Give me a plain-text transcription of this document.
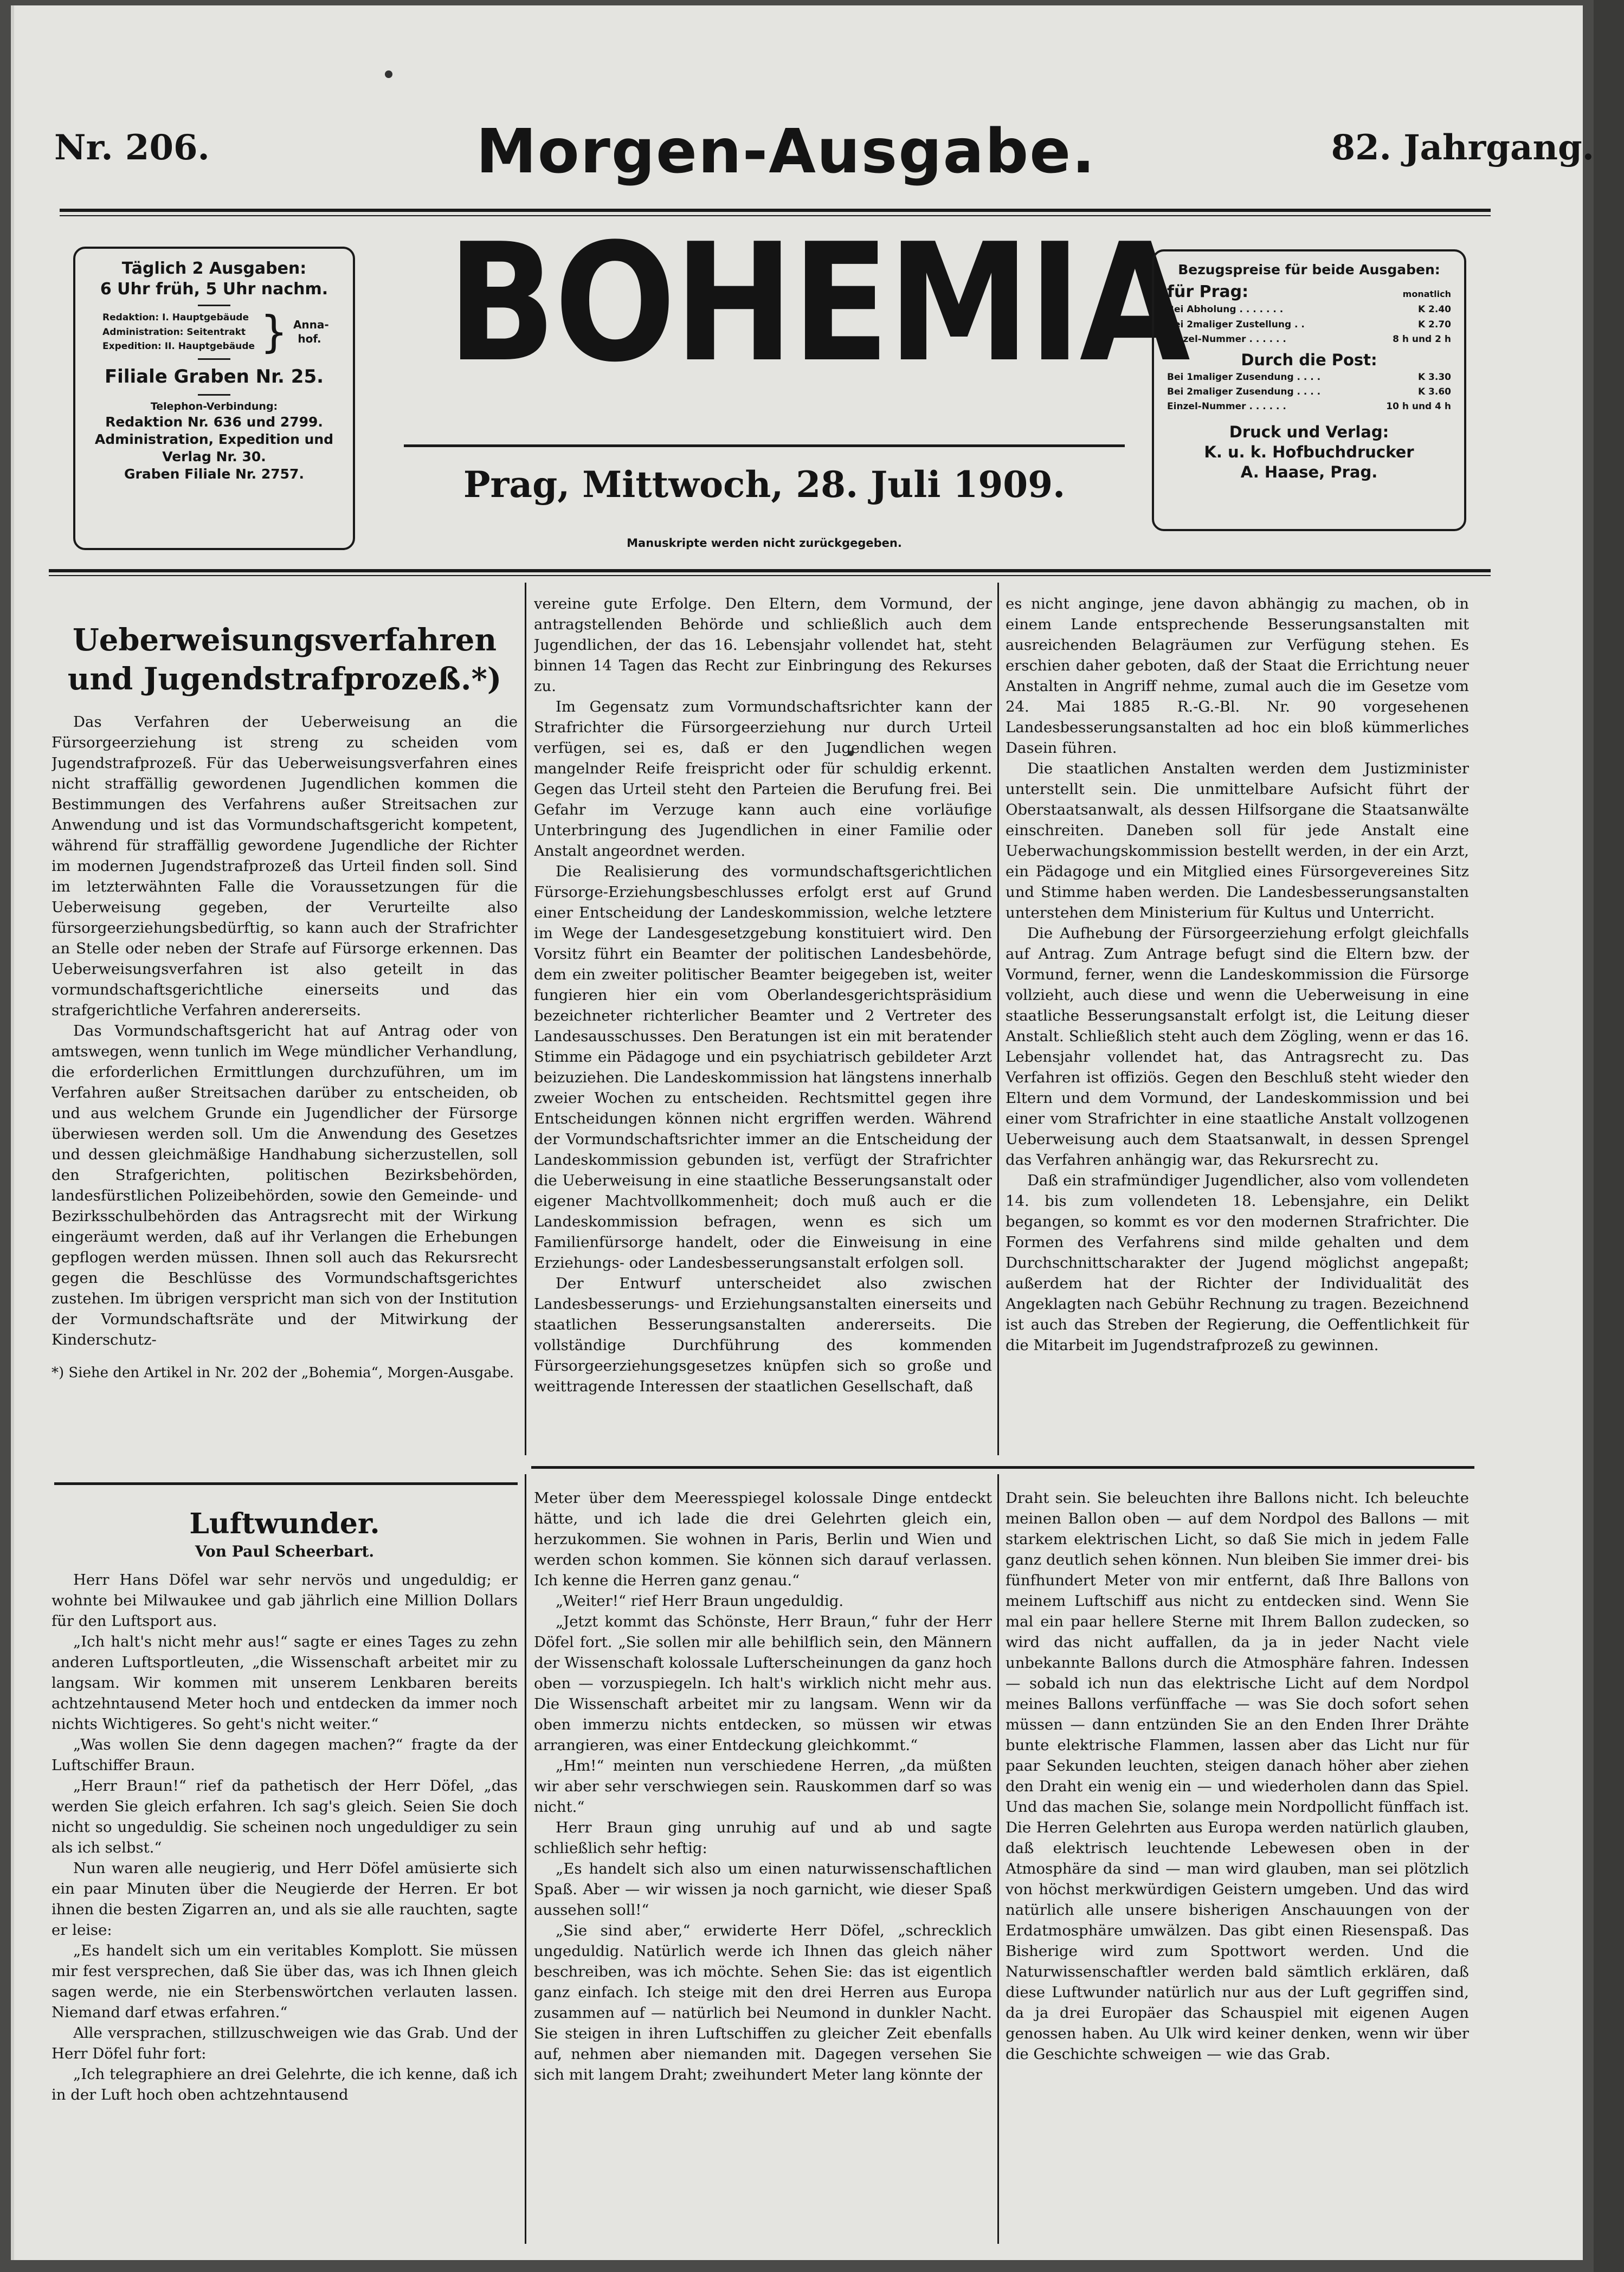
Nr. 206.	Morgen-Ausgabe.	82. Jahrgang.
Täglich 2 Ausgaben:
6 Uhr früh, 5 Uhr nachm.
Redaktion: I. Hauptgebäude
Administration: Seitentrakt
Expedition: II. Hauptgebäude } Anna-hof.
Filiale Graben Nr. 25.
Telephon-Verbindung:
Redaktion Nr. 636 und 2799.
Administration, Expedition und
Verlag Nr. 30.
Graben Filiale Nr. 2757.
BOHEMIA
Prag, Mittwoch, 28. Juli 1909.
Manuskripte werden nicht zurückgegeben.
Bezugspreise für beide Ausgaben:
für Prag:	monatlich
Bei Abholung . . . . . . .	K 2.40
Bei 2maliger Zustellung . .	K 2.70
Einzel-Nummer . . . . . .	8 h und 2 h
Durch die Post:
Bei 1maliger Zusendung . . . .	K 3.30
Bei 2maliger Zusendung . . . .	K 3.60
Einzel-Nummer . . . . . .	10 h und 4 h
Druck und Verlag:
K. u. k. Hofbuchdrucker
A. Haase, Prag.
Ueberweisungsverfahren
und Jugendstrafprozeß.*)

Das Verfahren der Ueberweisung an die Fürsorgeerziehung ist streng zu scheiden vom Jugendstrafprozeß. Für das Ueberweisungsverfahren eines nicht straffällig gewordenen Jugendlichen kommen die Bestimmungen des Verfahrens außer Streitsachen zur Anwendung und ist das Vormundschaftsgericht kompetent, während für straffällig gewordene Jugendliche der Richter im modernen Jugendstrafprozeß das Urteil finden soll. Sind im letzterwähnten Falle die Voraussetzungen für die Ueberweisung gegeben, der Verurteilte also fürsorgeerziehungsbedürftig, so kann auch der Strafrichter an Stelle oder neben der Strafe auf Fürsorge erkennen. Das Ueberweisungsverfahren ist also geteilt in das vormundschaftsgerichtliche einerseits und das strafgerichtliche Verfahren andererseits.

Das Vormundschaftsgericht hat auf Antrag oder von amtswegen, wenn tunlich im Wege mündlicher Verhandlung, die erforderlichen Ermittlungen durchzuführen, um im Verfahren außer Streitsachen darüber zu entscheiden, ob und aus welchem Grunde ein Jugendlicher der Fürsorge überwiesen werden soll. Um die Anwendung des Gesetzes und dessen gleichmäßige Handhabung sicherzustellen, soll den Strafgerichten, politischen Bezirksbehörden, landesfürstlichen Polizeibehörden, sowie den Gemeinde- und Bezirksschulbehörden das Antragsrecht mit der Wirkung eingeräumt werden, daß auf ihr Verlangen die Erhebungen gepflogen werden müssen. Ihnen soll auch das Rekursrecht gegen die Beschlüsse des Vormundschaftsgerichtes zustehen. Im übrigen verspricht man sich von der Institution der Vormundschaftsräte und der Mitwirkung der Kinderschutz-

*) Siehe den Artikel in Nr. 202 der „Bohemia“, Morgen-Ausgabe.

vereine gute Erfolge. Den Eltern, dem Vormund, der antragstellenden Behörde und schließlich auch dem Jugendlichen, der das 16. Lebensjahr vollendet hat, steht binnen 14 Tagen das Recht zur Einbringung des Rekurses zu.

Im Gegensatz zum Vormundschaftsrichter kann der Strafrichter die Fürsorgeerziehung nur durch Urteil verfügen, sei es, daß er den Jugendlichen wegen mangelnder Reife freispricht oder für schuldig erkennt. Gegen das Urteil steht den Parteien die Berufung frei. Bei Gefahr im Verzuge kann auch eine vorläufige Unterbringung des Jugendlichen in einer Familie oder Anstalt angeordnet werden.

Die Realisierung des vormundschaftsgerichtlichen Fürsorge-Erziehungsbeschlusses erfolgt erst auf Grund einer Entscheidung der Landeskommission, welche letztere im Wege der Landesgesetzgebung konstituiert wird. Den Vorsitz führt ein Beamter der politischen Landesbehörde, dem ein zweiter politischer Beamter beigegeben ist, weiter fungieren hier ein vom Oberlandesgerichtspräsidium bezeichneter richterlicher Beamter und 2 Vertreter des Landesausschusses. Den Beratungen ist ein mit beratender Stimme ein Pädagoge und ein psychiatrisch gebildeter Arzt beizuziehen. Die Landeskommission hat längstens innerhalb zweier Wochen zu entscheiden. Rechtsmittel gegen ihre Entscheidungen können nicht ergriffen werden. Während der Vormundschaftsrichter immer an die Entscheidung der Landeskommission gebunden ist, verfügt der Strafrichter die Ueberweisung in eine staatliche Besserungsanstalt oder eigener Machtvollkommenheit; doch muß auch er die Landeskommission befragen, wenn es sich um Familienfürsorge handelt, oder die Einweisung in eine Erziehungs- oder Landesbesserungsanstalt erfolgen soll.

Der Entwurf unterscheidet also zwischen Landesbesserungs- und Erziehungsanstalten einerseits und staatlichen Besserungsanstalten andererseits. Die vollständige Durchführung des kommenden Fürsorgeerziehungsgesetzes knüpfen sich so große und weittragende Interessen der staatlichen Gesellschaft, daß

es nicht anginge, jene davon abhängig zu machen, ob in einem Lande entsprechende Besserungsanstalten mit ausreichenden Belagräumen zur Verfügung stehen. Es erschien daher geboten, daß der Staat die Errichtung neuer Anstalten in Angriff nehme, zumal auch die im Gesetze vom 24. Mai 1885 R.-G.-Bl. Nr. 90 vorgesehenen Landesbesserungsanstalten ad hoc ein bloß kümmerliches Dasein führen.

Die staatlichen Anstalten werden dem Justizminister unterstellt sein. Die unmittelbare Aufsicht führt der Oberstaatsanwalt, als dessen Hilfsorgane die Staatsanwälte einschreiten. Daneben soll für jede Anstalt eine Ueberwachungskommission bestellt werden, in der ein Arzt, ein Pädagoge und ein Mitglied eines Fürsorgevereines Sitz und Stimme haben werden. Die Landesbesserungsanstalten unterstehen dem Ministerium für Kultus und Unterricht.

Die Aufhebung der Fürsorgeerziehung erfolgt gleichfalls auf Antrag. Zum Antrage befugt sind die Eltern bzw. der Vormund, ferner, wenn die Landeskommission die Fürsorge vollzieht, auch diese und wenn die Ueberweisung in eine staatliche Besserungsanstalt erfolgt ist, die Leitung dieser Anstalt. Schließlich steht auch dem Zögling, wenn er das 16. Lebensjahr vollendet hat, das Antragsrecht zu. Das Verfahren ist offiziös. Gegen den Beschluß steht wieder den Eltern und dem Vormund, der Landeskommission und bei einer vom Strafrichter in eine staatliche Anstalt vollzogenen Ueberweisung auch dem Staatsanwalt, in dessen Sprengel das Verfahren anhängig war, das Rekursrecht zu.

Daß ein strafmündiger Jugendlicher, also vom vollendeten 14. bis zum vollendeten 18. Lebensjahre, ein Delikt begangen, so kommt es vor den modernen Strafrichter. Die Formen des Verfahrens sind milde gehalten und dem Durchschnittscharakter der Jugend möglichst angepaßt; außerdem hat der Richter der Individualität des Angeklagten nach Gebühr Rechnung zu tragen. Bezeichnend ist auch das Streben der Regierung, die Oeffentlichkeit für die Mitarbeit im Jugendstrafprozeß zu gewinnen.

Luftwunder.
Von Paul Scheerbart.

Herr Hans Döfel war sehr nervös und ungeduldig; er wohnte bei Milwaukee und gab jährlich eine Million Dollars für den Luftsport aus.

„Ich halt's nicht mehr aus!“ sagte er eines Tages zu zehn anderen Luftsportleuten, „die Wissenschaft arbeitet mir zu langsam. Wir kommen mit unserem Lenkbaren bereits achtzehntausend Meter hoch und entdecken da immer noch nichts Wichtigeres. So geht's nicht weiter.“

„Was wollen Sie denn dagegen machen?“ fragte da der Luftschiffer Braun.

„Herr Braun!“ rief da pathetisch der Herr Döfel, „das werden Sie gleich erfahren. Ich sag's gleich. Seien Sie doch nicht so ungeduldig. Sie scheinen noch ungeduldiger zu sein als ich selbst.“

Nun waren alle neugierig, und Herr Döfel amüsierte sich ein paar Minuten über die Neugierde der Herren. Er bot ihnen die besten Zigarren an, und als sie alle rauchten, sagte er leise:

„Es handelt sich um ein veritables Komplott. Sie müssen mir fest versprechen, daß Sie über das, was ich Ihnen gleich sagen werde, nie ein Sterbenswörtchen verlauten lassen. Niemand darf etwas erfahren.“

Alle versprachen, stillzuschweigen wie das Grab. Und der Herr Döfel fuhr fort:

„Ich telegraphiere an drei Gelehrte, die ich kenne, daß ich in der Luft hoch oben achtzehntausend

Meter über dem Meeresspiegel kolossale Dinge entdeckt hätte, und ich lade die drei Gelehrten gleich ein, herzukommen. Sie wohnen in Paris, Berlin und Wien und werden schon kommen. Sie können sich darauf verlassen. Ich kenne die Herren ganz genau.“

„Weiter!“ rief Herr Braun ungeduldig.

„Jetzt kommt das Schönste, Herr Braun,“ fuhr der Herr Döfel fort. „Sie sollen mir alle behilflich sein, den Männern der Wissenschaft kolossale Lufterscheinungen da ganz hoch oben — vorzuspiegeln. Ich halt's wirklich nicht mehr aus. Die Wissenschaft arbeitet mir zu langsam. Wenn wir da oben immerzu nichts entdecken, so müssen wir etwas arrangieren, was einer Entdeckung gleichkommt.“

„Hm!“ meinten nun verschiedene Herren, „da müßten wir aber sehr verschwiegen sein. Rauskommen darf so was nicht.“

Herr Braun ging unruhig auf und ab und sagte schließlich sehr heftig:

„Es handelt sich also um einen naturwissenschaftlichen Spaß. Aber — wir wissen ja noch garnicht, wie dieser Spaß aussehen soll!“

„Sie sind aber,“ erwiderte Herr Döfel, „schrecklich ungeduldig. Natürlich werde ich Ihnen das gleich näher beschreiben, was ich möchte. Sehen Sie: das ist eigentlich ganz einfach. Ich steige mit den drei Herren aus Europa zusammen auf — natürlich bei Neumond in dunkler Nacht. Sie steigen in ihren Luftschiffen zu gleicher Zeit ebenfalls auf, nehmen aber niemanden mit. Dagegen versehen Sie sich mit langem Draht; zweihundert Meter lang könnte der

Draht sein. Sie beleuchten ihre Ballons nicht. Ich beleuchte meinen Ballon oben — auf dem Nordpol des Ballons — mit starkem elektrischen Licht, so daß Sie mich in jedem Falle ganz deutlich sehen können. Nun bleiben Sie immer drei- bis fünfhundert Meter von mir entfernt, daß Ihre Ballons von meinem Luftschiff aus nicht zu entdecken sind. Wenn Sie mal ein paar hellere Sterne mit Ihrem Ballon zudecken, so wird das nicht auffallen, da ja in jeder Nacht viele unbekannte Ballons durch die Atmosphäre fahren. Indessen — sobald ich nun das elektrische Licht auf dem Nordpol meines Ballons verfünffache — was Sie doch sofort sehen müssen — dann entzünden Sie an den Enden Ihrer Drähte bunte elektrische Flammen, lassen aber das Licht nur für paar Sekunden leuchten, steigen danach höher aber ziehen den Draht ein wenig ein — und wiederholen dann das Spiel. Und das machen Sie, solange mein Nordpollicht fünffach ist. Die Herren Gelehrten aus Europa werden natürlich glauben, daß elektrisch leuchtende Lebewesen oben in der Atmosphäre da sind — man wird glauben, man sei plötzlich von höchst merkwürdigen Geistern umgeben. Und das wird natürlich alle unsere bisherigen Anschauungen von der Erdatmosphäre umwälzen. Das gibt einen Riesenspaß. Das Bisherige wird zum Spottwort werden. Und die Naturwissenschaftler werden bald sämtlich erklären, daß diese Luftwunder natürlich nur aus der Luft gegriffen sind, da ja drei Europäer das Schauspiel mit eigenen Augen genossen haben. Au Ulk wird keiner denken, wenn wir über die Geschichte schweigen — wie das Grab.
